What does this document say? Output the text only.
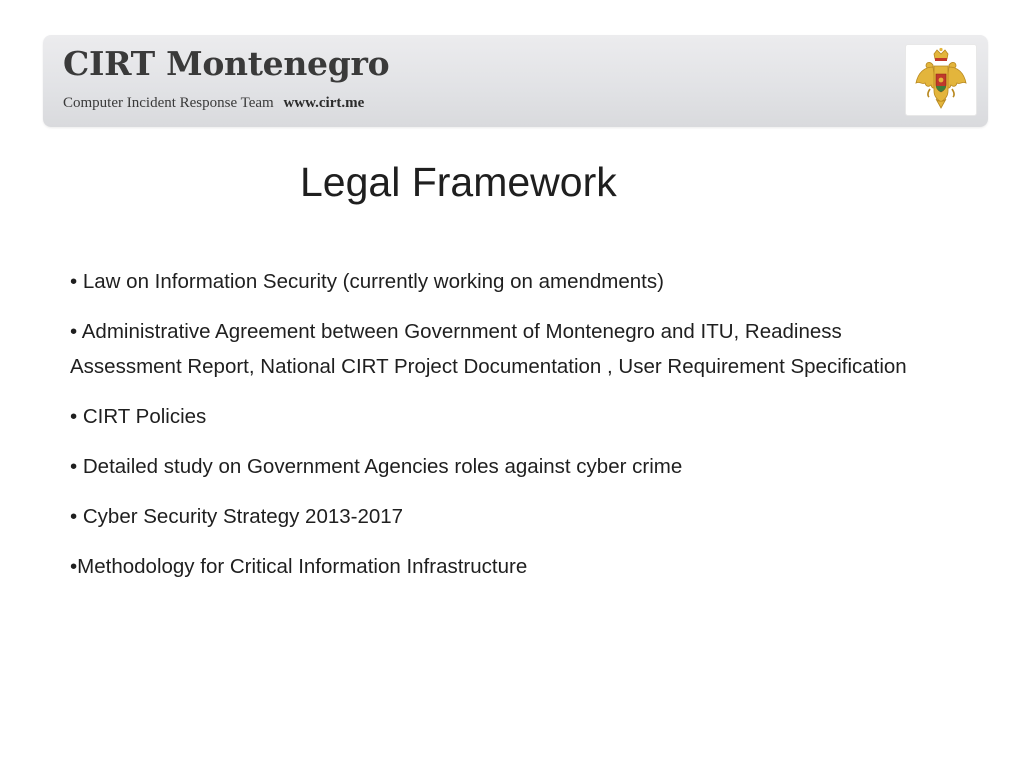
CIRT Montenegro
Computer Incident Response Team www.cirt.me
Legal Framework
• Law on Information Security (currently working on amendments)
• Administrative Agreement between Government of Montenegro and ITU, Readiness Assessment Report, National CIRT Project Documentation , User Requirement Specification
• CIRT Policies
• Detailed study on Government Agencies roles against cyber crime
• Cyber Security Strategy 2013-2017
•Methodology for Critical Information Infrastructure
